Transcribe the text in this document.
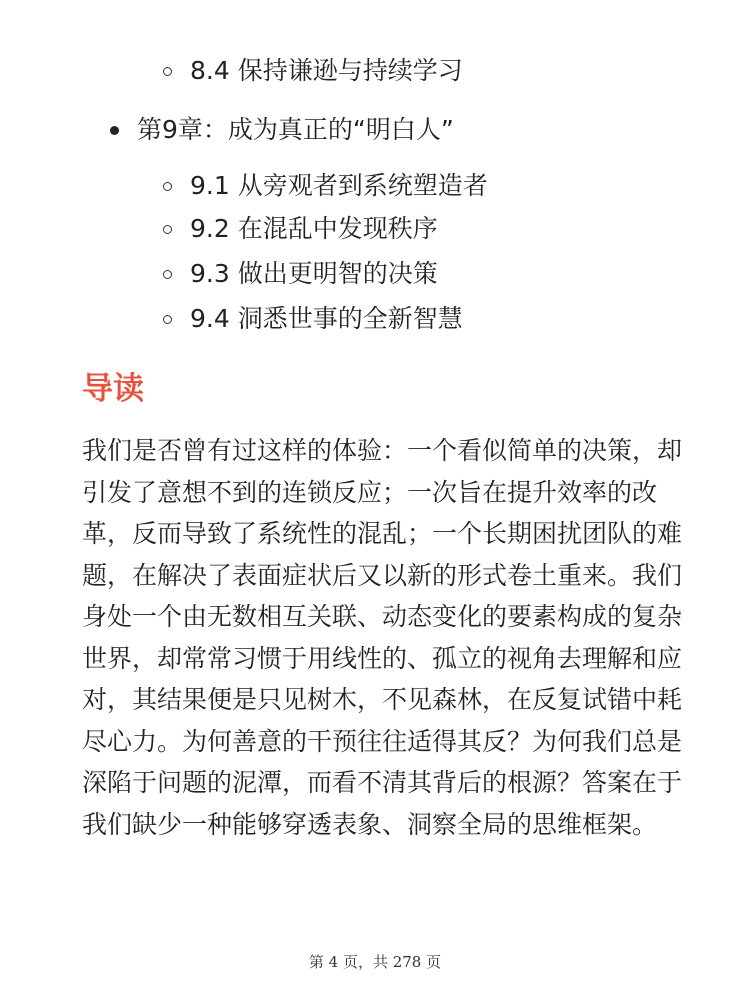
8.4 保持谦逊与持续学习
第9章：成为真正的“明白人”
9.1 从旁观者到系统塑造者
9.2 在混乱中发现秩序
9.3 做出更明智的决策
9.4 洞悉世事的全新智慧
导读

我们是否曾有过这样的体验：一个看似简单的决策，却引发了意想不到的连锁反应；一次旨在提升效率的改革，反而导致了系统性的混乱；一个长期困扰团队的难题，在解决了表面症状后又以新的形式卷土重来。我们身处一个由无数相互关联、动态变化的要素构成的复杂世界，却常常习惯于用线性的、孤立的视角去理解和应对，其结果便是只见树木，不见森林，在反复试错中耗尽心力。为何善意的干预往往适得其反？为何我们总是深陷于问题的泥潭，而看不清其背后的根源？答案在于我们缺少一种能够穿透表象、洞察全局的思维框架。

第 4 页，共 278 页
